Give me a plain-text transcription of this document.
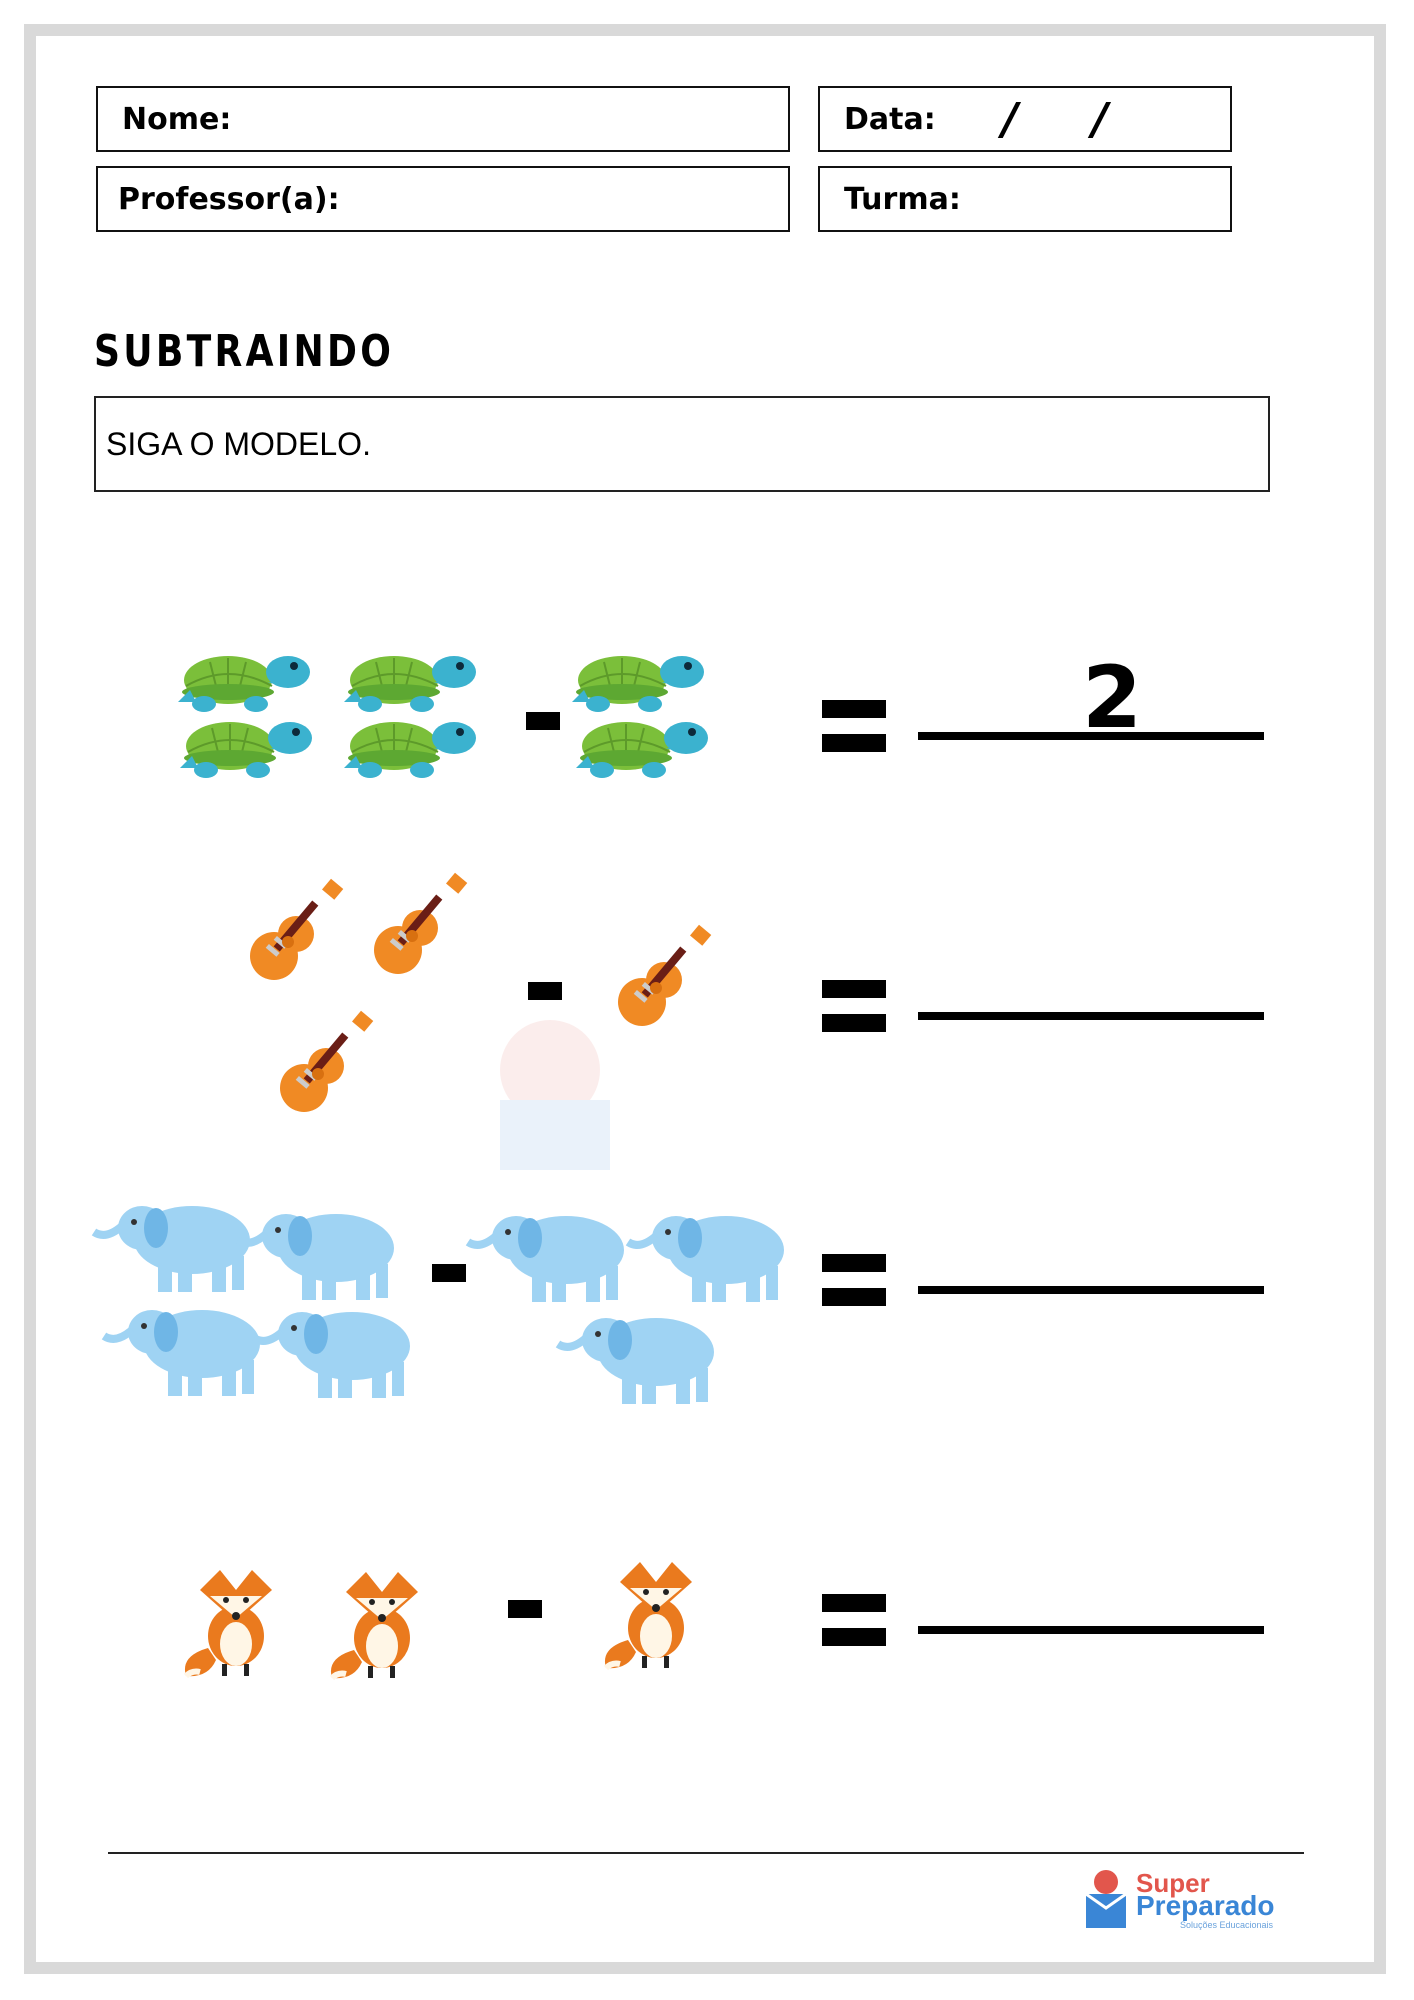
Nome:	Data: / /
Professor(a):	Turma:
SUBTRAINDO
SIGA O MODELO.
2
Super
Preparado
Soluções Educacionais
